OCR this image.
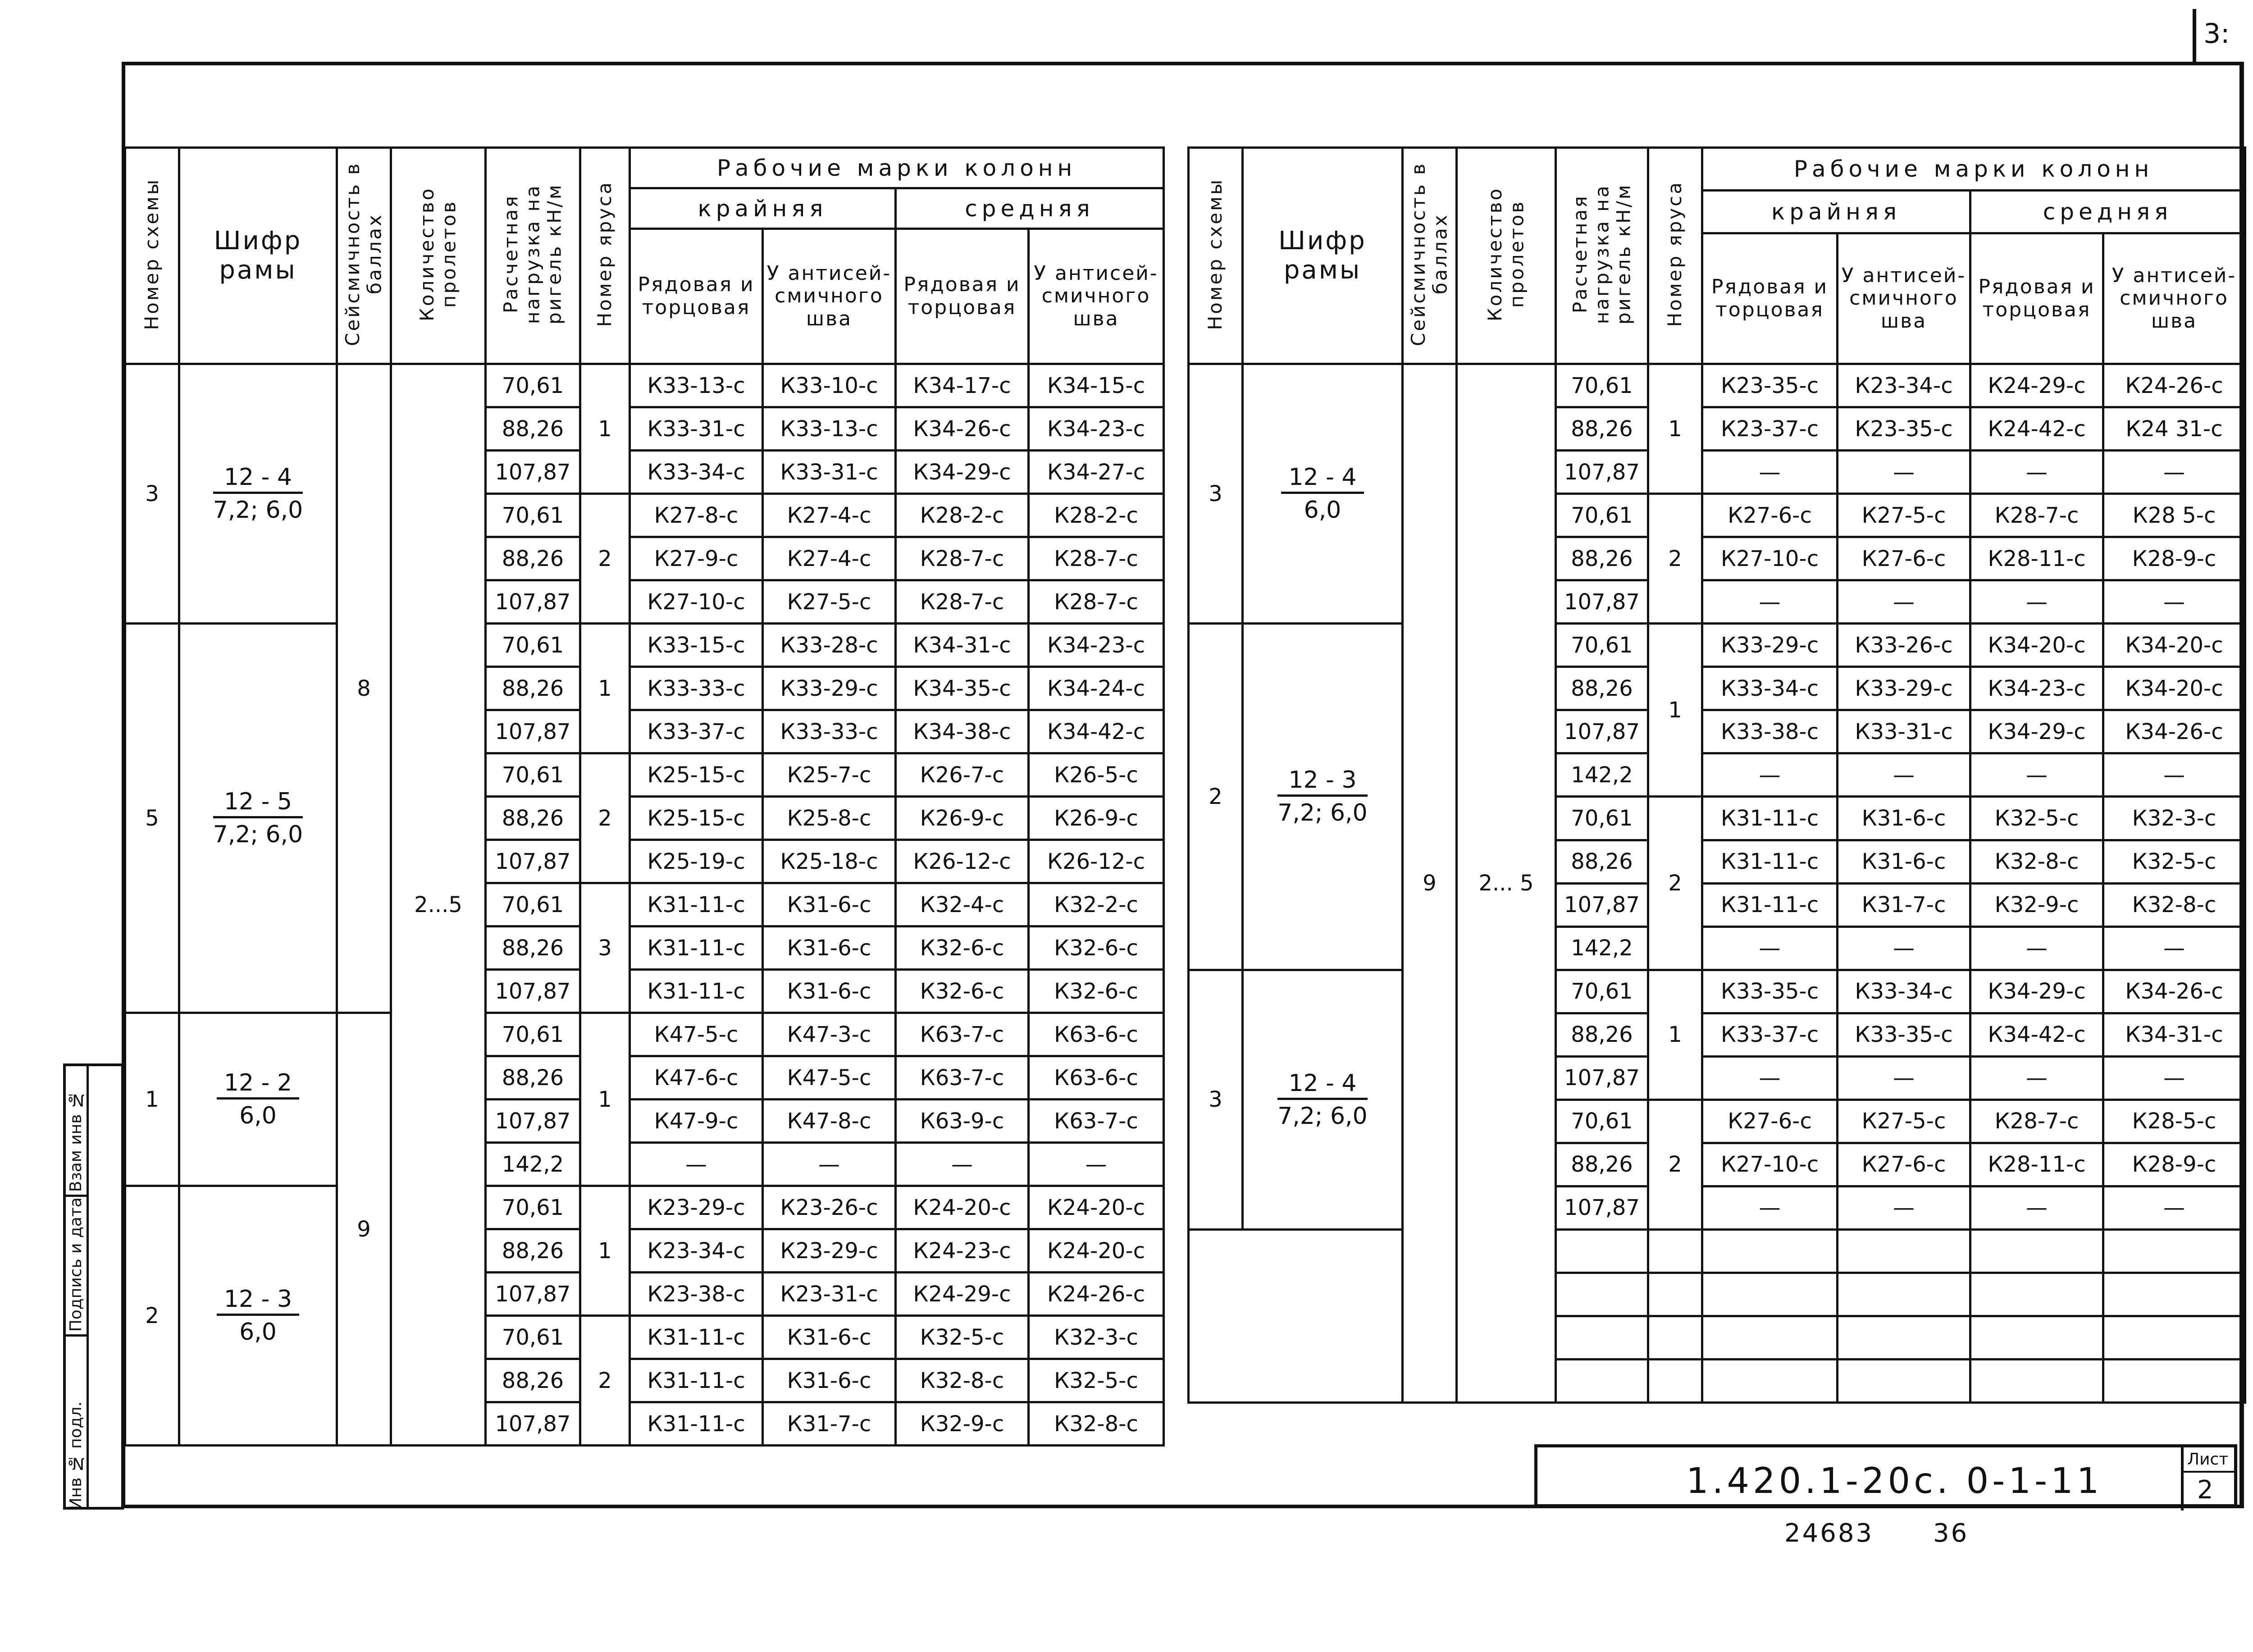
3:
Номер схемы	Шифр рамы	Сейсмичность в баллах	Количество пролетов	Расчетная нагрузка на ригель кН/м	Номер яруса	Рабочие марки колонн			
						крайняя		средняя	
						Рядовая и торцовая	У антисей-смичного шва	Рядовая и торцовая	У антисей-смичного шва
3	$\frac{12 - 4}{7,2; 6,0}$	8	2...5	70,61	1	К33-13-с	К33-10-с	К34-17-с	К34-15-с
				88,26		К33-31-с	К33-13-с	К34-26-с	К34-23-с
				107,87		К33-34-с	К33-31-с	К34-29-с	К34-27-с
				70,61	2	К27-8-с	К27-4-с	К28-2-с	К28-2-с
				88,26		К27-9-с	К27-4-с	К28-7-с	К28-7-с
				107,87		К27-10-с	К27-5-с	К28-7-с	К28-7-с
5	$\frac{12 - 5}{7,2; 6,0}$			70,61	1	К33-15-с	К33-28-с	К34-31-с	К34-23-с
				88,26		К33-33-с	К33-29-с	К34-35-с	К34-24-с
				107,87		К33-37-с	К33-33-с	К34-38-с	К34-42-с
				70,61	2	К25-15-с	К25-7-с	К26-7-с	К26-5-с
				88,26		К25-15-с	К25-8-с	К26-9-с	К26-9-с
				107,87		К25-19-с	К25-18-с	К26-12-с	К26-12-с
				70,61	3	К31-11-с	К31-6-с	К32-4-с	К32-2-с
				88,26		К31-11-с	К31-6-с	К32-6-с	К32-6-с
				107,87		К31-11-с	К31-6-с	К32-6-с	К32-6-с
1	$\frac{12 - 2}{6,0}$	9		70,61	1	К47-5-с	К47-3-с	К63-7-с	К63-6-с
				88,26		К47-6-с	К47-5-с	К63-7-с	К63-6-с
				107,87		К47-9-с	К47-8-с	К63-9-с	К63-7-с
				142,2		—	—	—	—
2	$\frac{12 - 3}{6,0}$			70,61	1	К23-29-с	К23-26-с	К24-20-с	К24-20-с
				88,26		К23-34-с	К23-29-с	К24-23-с	К24-20-с
				107,87		К23-38-с	К23-31-с	К24-29-с	К24-26-с
				70,61	2	К31-11-с	К31-6-с	К32-5-с	К32-3-с
				88,26		К31-11-с	К31-6-с	К32-8-с	К32-5-с
				107,87		К31-11-с	К31-7-с	К32-9-с	К32-8-с
Номер схемы	Шифр рамы	Сейсмичность в баллах	Количество пролетов	Расчетная нагрузка на ригель кН/м	Номер яруса	Рабочие марки колонн			
						крайняя		средняя	
						Рядовая и торцовая	У антисей-смичного шва	Рядовая и торцовая	У антисей-смичного шва
3	$\frac{12 - 4}{6,0}$	9	2... 5	70,61	1	К23-35-с	К23-34-с	К24-29-с	К24-26-с
				88,26		К23-37-с	К23-35-с	К24-42-с	К24 31-с
				107,87		—	—	—	—
				70,61	2	К27-6-с	К27-5-с	К28-7-с	К28 5-с
				88,26		К27-10-с	К27-6-с	К28-11-с	К28-9-с
				107,87		—	—	—	—
2	$\frac{12 - 3}{7,2; 6,0}$			70,61	1	К33-29-с	К33-26-с	К34-20-с	К34-20-с
				88,26		К33-34-с	К33-29-с	К34-23-с	К34-20-с
				107,87		К33-38-с	К33-31-с	К34-29-с	К34-26-с
				142,2		—	—	—	—
				70,61	2	К31-11-с	К31-6-с	К32-5-с	К32-3-с
				88,26		К31-11-с	К31-6-с	К32-8-с	К32-5-с
				107,87		К31-11-с	К31-7-с	К32-9-с	К32-8-с
				142,2		—	—	—	—
3	$\frac{12 - 4}{7,2; 6,0}$			70,61	1	К33-35-с	К33-34-с	К34-29-с	К34-26-с
				88,26		К33-37-с	К33-35-с	К34-42-с	К34-31-с
				107,87		—	—	—	—
				70,61	2	К27-6-с	К27-5-с	К28-7-с	К28-5-с
				88,26		К27-10-с	К27-6-с	К28-11-с	К28-9-с
				107,87		—	—	—	—

Взам инв №
Подпись и дата
Инв № подл.	1.420.1-20с. 0-1-11
Лист
2
24683 36
